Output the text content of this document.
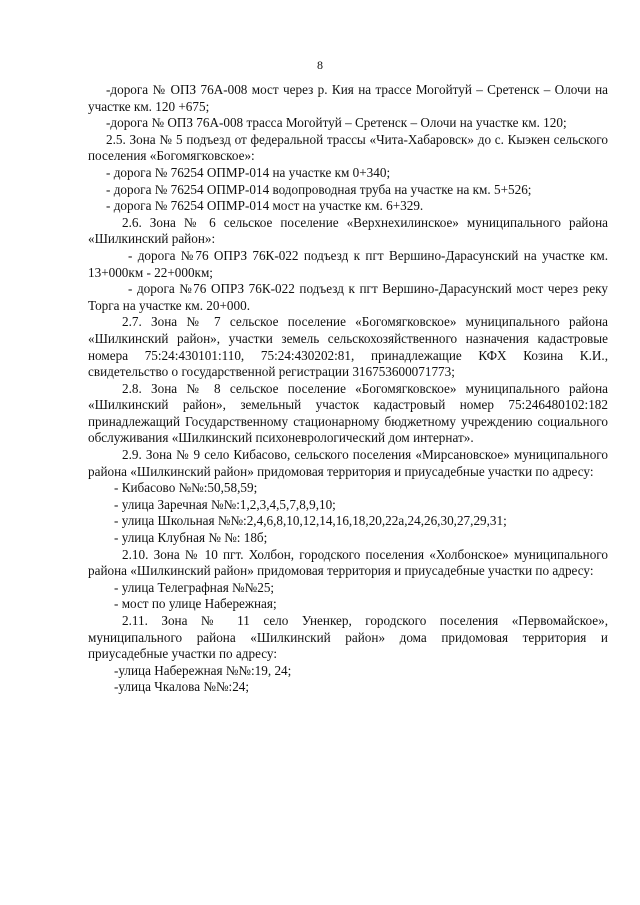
8

-дорога № ОПЗ 76А-008 мост через р. Кия на трассе Могойтуй – Сретенск – Олочи на участке км. 120 +675;

-дорога № ОПЗ 76А-008 трасса Могойтуй – Сретенск – Олочи на участке км. 120;

2.5. Зона № 5 подъезд от федеральной трассы «Чита-Хабаровск» до с. Кыэкен сельского поселения «Богомягковское»:

- дорога № 76254 ОПМР-014 на участке км 0+340;

- дорога № 76254 ОПМР-014 водопроводная труба на участке на км. 5+526;

- дорога № 76254 ОПМР-014 мост на участке км. 6+329.

2.6. Зона № 6 сельское поселение «Верхнехилинское» муниципального района «Шилкинский район»:

- дорога №76 ОПРЗ 76К-022 подъезд к пгт Вершино-Дарасунский на участке км. 13+000км - 22+000км;

- дорога №76 ОПРЗ 76К-022 подъезд к пгт Вершино-Дарасунский мост через реку Торга на участке км. 20+000.

2.7. Зона № 7 сельское поселение «Богомягковское» муниципального района «Шилкинский район», участки земель сельскохозяйственного назначения кадастровые номера 75:24:430101:110, 75:24:430202:81, принадлежащие КФХ Козина К.И., свидетельство о государственной регистрации 316753600071773;

2.8. Зона № 8 сельское поселение «Богомягковское» муниципального района «Шилкинский район», земельный участок кадастровый номер 75:246480102:182 принадлежащий Государственному стационарному бюджетному учреждению социального обслуживания «Шилкинский психоневрологический дом интернат».

2.9. Зона № 9 село Кибасово, сельского поселения «Мирсановское» муниципального района «Шилкинский район» придомовая территория и приусадебные участки по адресу:

- Кибасово №№:50,58,59;

- улица Заречная №№:1,2,3,4,5,7,8,9,10;

- улица Школьная №№:2,4,6,8,10,12,14,16,18,20,22а,24,26,30,27,29,31;

- улица Клубная № №: 18б;

2.10. Зона № 10 пгт. Холбон, городского поселения «Холбонское» муниципального района «Шилкинский район» придомовая территория и приусадебные участки по адресу:

- улица Телеграфная №№25;

- мост по улице Набережная;

2.11. Зона № 11 село Уненкер, городского поселения «Первомайское», муниципального района «Шилкинский район» дома придомовая территория и приусадебные участки по адресу:

-улица Набережная №№:19, 24;

-улица Чкалова №№:24;
